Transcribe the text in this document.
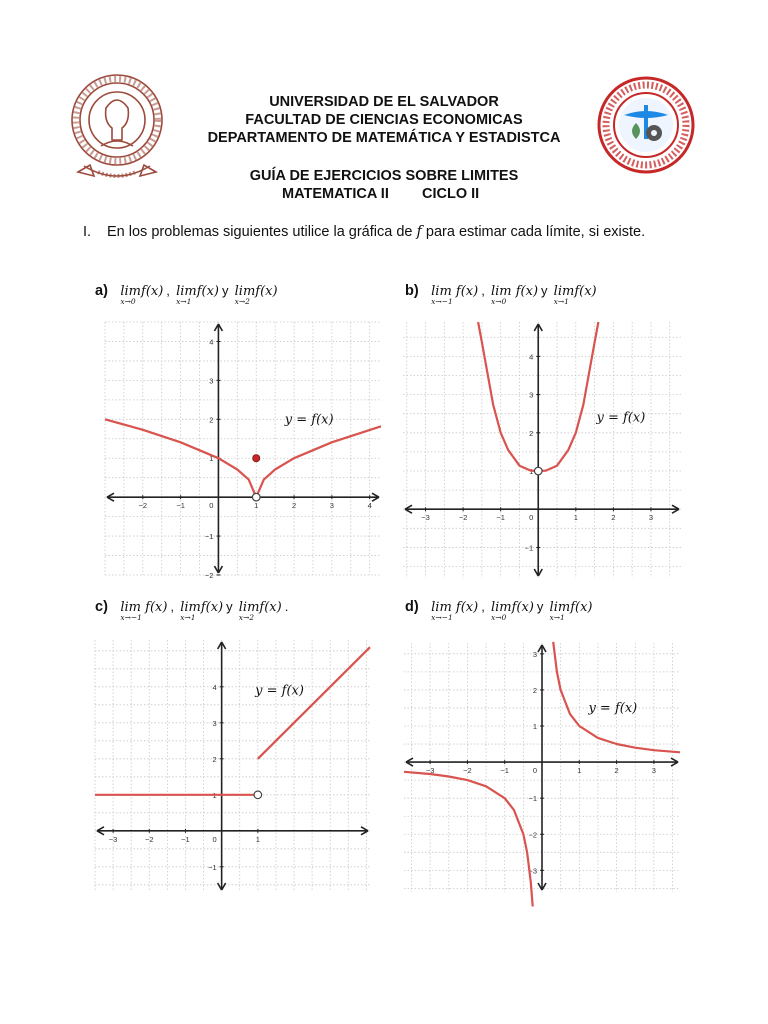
UNIVERSIDAD DE EL SALVADOR
FACULTAD DE CIENCIAS ECONOMICAS
DEPARTAMENTO DE MATEMÁTICA Y ESTADISTCA
GUÍA DE EJERCICIOS SOBRE LIMITES
MATEMATICA II	CICLO II
I. En los problemas siguientes utilice la gráfica de f para estimar cada límite, si existe.
a) limf(x)
x→0
, limf(x)
x→1
y limf(x)
x→2
b) lim f(x)
x→−1
, lim f(x)
x→0
y limf(x)
x→1
c) lim f(x)
x→−1
, limf(x)
x→1
y limf(x)
x→2
.	d) lim f(x)
x→−1
, limf(x)
x→0
y limf(x)
x→1
−2	−1	1	2	3	4
−2
−1
1
2
3
4
0
y = f(x)
−3	−2	−1	1	2	3
−1
1
2
3
4
0
y = f(x)
−3	−2	−1	1
−1
1
2
3
4
0
y = f(x)
−3	−2	−1	1	2	3
−3
−2
−1
1
2
3
0
y = f(x)
